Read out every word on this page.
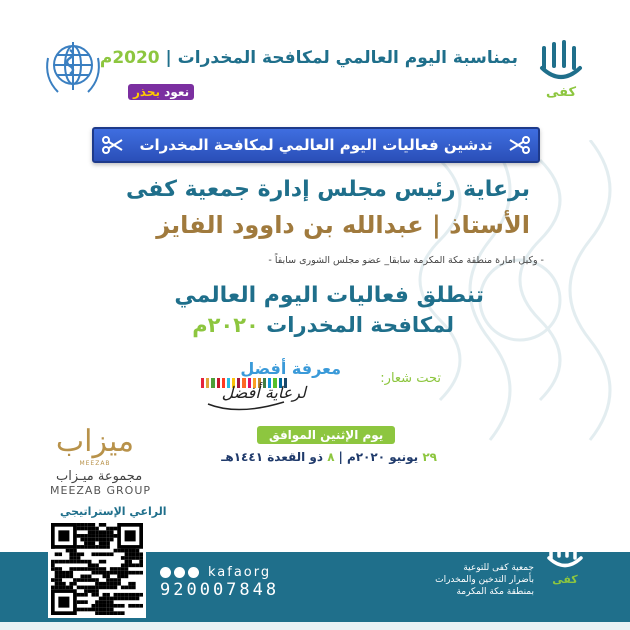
كفى
بمناسبة اليوم العالمي لمكافحة المخدرات | 2020م
نعود بحذر
تدشين فعاليات اليوم العالمي لمكافحة المخدرات
برعاية رئيس مجلس إدارة جمعية كفى
الأستاذ | عبدالله بن داوود الفايز
- وكيل امارة منطقة مكة المكرمة سابقا_ عضو مجلس الشورى سابقاً -
تنطلق فعاليات اليوم العالمي
لمكافحة المخدرات ٢٠٢٠م
تحت شعار:
معرفة أفضل
لرعاية أفضل
يوم الإثنين الموافق
٢٩ يونيو ٢٠٢٠م|٨ ذو القعدة ١٤٤١هـ
ميزاب
MEEZAB
مجموعة ميـزاب
MEEZAB GROUP
الراعي الإستراتيجي
kafaorg
920007848
جمعية كفى للتوعية
بأضرار التدخين والمخدرات
بمنطقة مكة المكرمة
كفى
